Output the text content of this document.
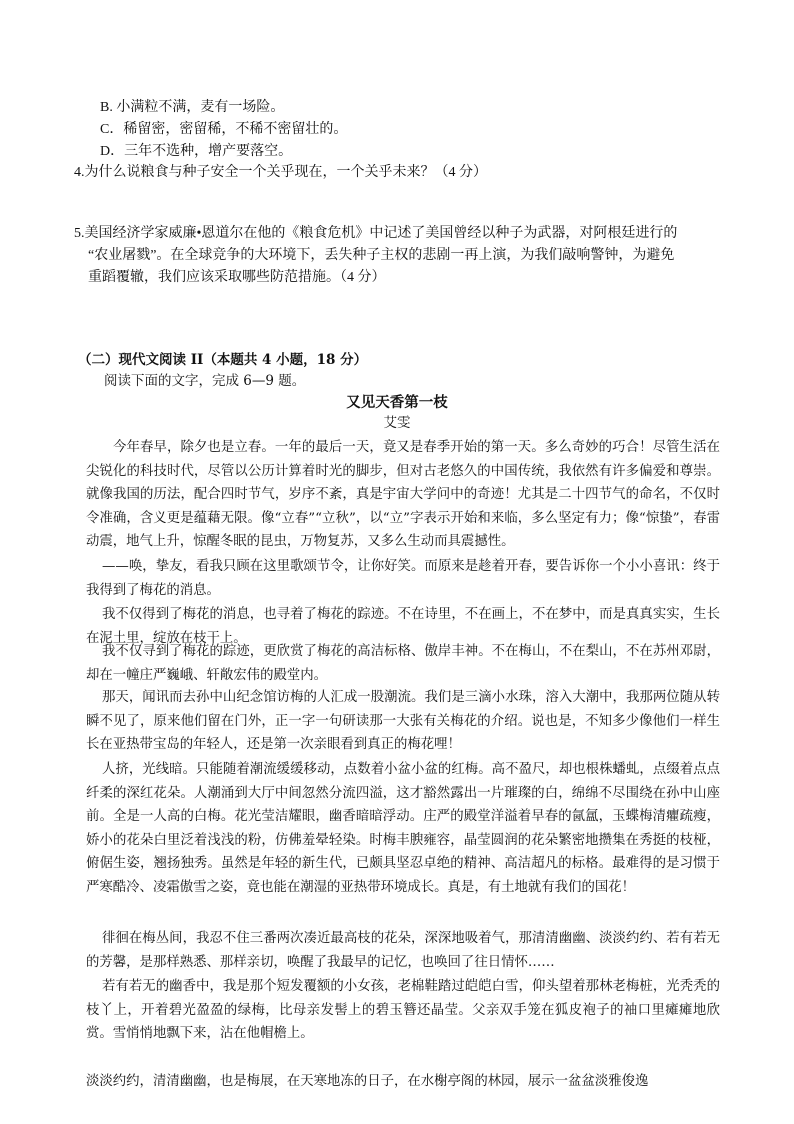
B. 小满粒不满，麦有一场险。
C．稀留密，密留稀，不稀不密留壮的。
D．三年不选种，增产要落空。
4.为什么说粮食与种子安全一个关乎现在，一个关乎未来？（4 分）
5.美国经济学家威廉•恩道尔在他的《粮食危机》中记述了美国曾经以种子为武器，对阿根廷进行的
“农业屠戮”。在全球竞争的大环境下，丢失种子主权的悲剧一再上演，为我们敲响警钟，为避免
重蹈覆辙，我们应该采取哪些防范措施。（4 分）
（二）现代文阅读 II（本题共 4 小题，18 分）
阅读下面的文字，完成 6—9 题。
又见天香第一枝
艾雯

今年春早，除夕也是立春。一年的最后一天，竟又是春季开始的第一天。多么奇妙的巧合！尽管生活在尖锐化的科技时代，尽管以公历计算着时光的脚步，但对古老悠久的中国传统，我依然有许多偏爱和尊崇。就像我国的历法，配合四时节气，岁序不紊，真是宇宙大学问中的奇迹！尤其是二十四节气的命名，不仅时令准确，含义更是蕴藉无限。像“立春”“立秋”，以“立”字表示开始和来临，多么坚定有力；像“惊蛰”，春雷动震，地气上升，惊醒冬眠的昆虫，万物复苏，又多么生动而具震撼性。

——唤，挚友，看我只顾在这里歌颂节令，让你好笑。而原来是趁着开春，要告诉你一个小小喜讯：终于我得到了梅花的消息。

我不仅得到了梅花的消息，也寻着了梅花的踪迹。不在诗里，不在画上，不在梦中，而是真真实实，生长在泥土里，绽放在枝干上。

我不仅寻到了梅花的踪迹，更欣赏了梅花的高洁标格、傲岸丰神。不在梅山，不在梨山，不在苏州邓尉，却在一幢庄严巍峨、轩敞宏伟的殿堂内。

那天，闻讯而去孙中山纪念馆访梅的人汇成一股潮流。我们是三滴小水珠，溶入大潮中，我那两位随从转瞬不见了，原来他们留在门外，正一字一句研读那一大张有关梅花的介绍。说也是，不知多少像他们一样生长在亚热带宝岛的年轻人，还是第一次亲眼看到真正的梅花哩！

人挤，光线暗。只能随着潮流缓缓移动，点数着小盆小盆的红梅。高不盈尺，却也根株蟠虬，点缀着点点纤柔的深红花朵。人潮涌到大厅中间忽然分流四溢，这才豁然露出一片璀璨的白，绵绵不尽围绕在孙中山座前。全是一人高的白梅。花光莹洁耀眼，幽香暗暗浮动。庄严的殿堂洋溢着早春的氤氲，玉蝶梅清癯疏瘦，娇小的花朵白里泛着浅浅的粉，仿佛羞晕轻染。时梅丰腴雍容，晶莹圆润的花朵繁密地攒集在秀挺的枝桠，俯倨生姿，翘扬独秀。虽然是年轻的新生代，已颇具坚忍卓绝的精神、高洁超凡的标格。最难得的是习惯于严寒酷冷、凌霜傲雪之姿，竟也能在潮湿的亚热带环境成长。真是，有土地就有我们的国花！

徘徊在梅丛间，我忍不住三番两次凑近最高枝的花朵，深深地吸着气，那清清幽幽、淡淡约约、若有若无的芳馨，是那样熟悉、那样亲切，唤醒了我最早的记忆，也唤回了往日情怀……

若有若无的幽香中，我是那个短发覆额的小女孩，老棉鞋踏过皑皑白雪，仰头望着那林老梅桩，光秃秃的枝丫上，开着碧光盈盈的绿梅，比母亲发髻上的碧玉簪还晶莹。父亲双手笼在狐皮袍子的袖口里瘫瘫地欣赏。雪悄悄地飘下来，沾在他帽檐上。

淡淡约约，清清幽幽，也是梅展，在天寒地冻的日子，在水榭亭阁的林园，展示一盆盆淡雅俊逸
